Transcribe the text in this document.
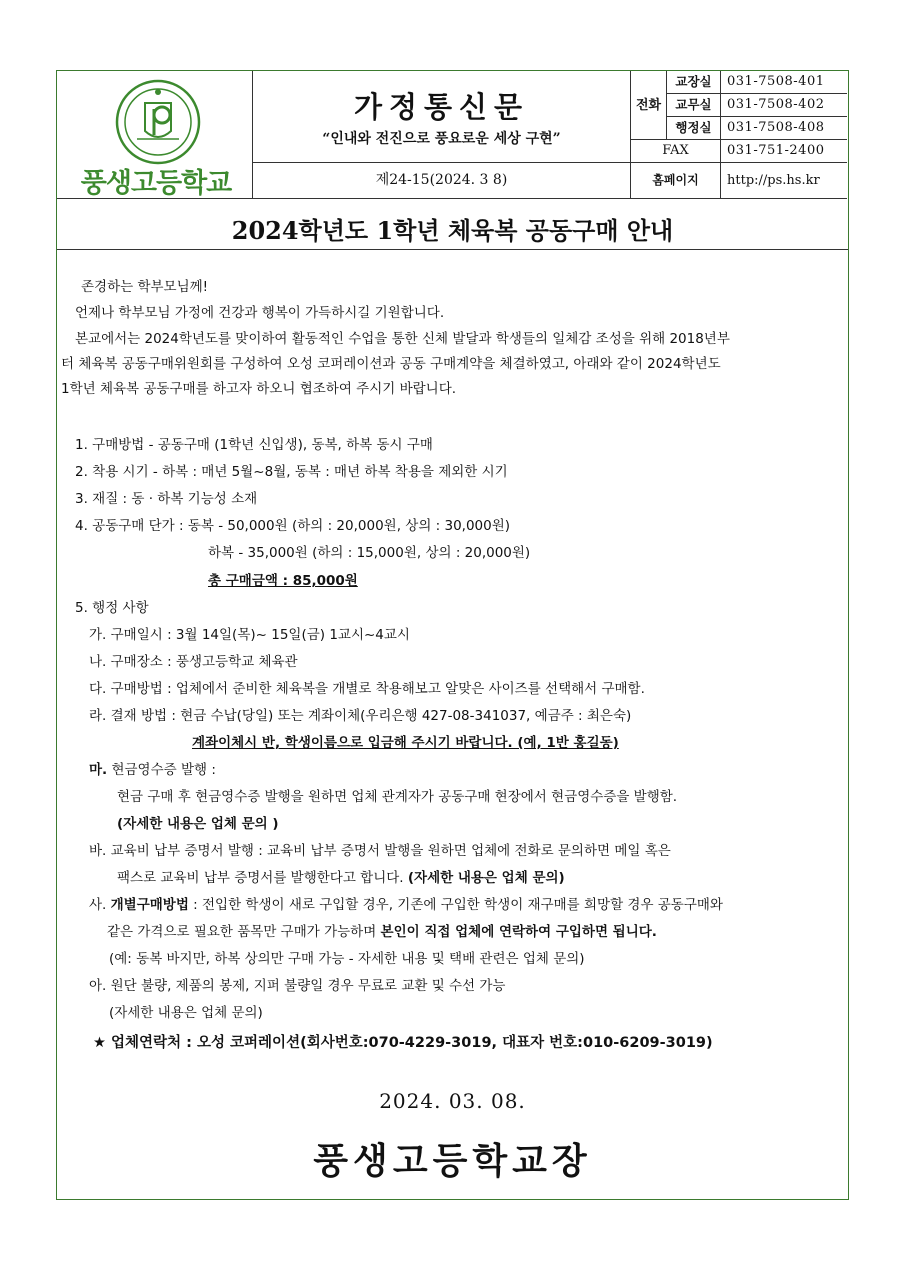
풍생고등학교
가정통신문
“인내와 전진으로 풍요로운 세상 구현”
제24-15(2024. 3 8)
전화
교장실	031-7508-401
교무실	031-7508-402
행정실	031-7508-408
FAX	031-751-2400
홈페이지	http://ps.hs.kr
2024학년도 1학년 체육복 공동구매 안내
존경하는 학부모님께!
언제나 학부모님 가정에 건강과 행복이 가득하시길 기원합니다.
본교에서는 2024학년도를 맞이하여 활동적인 수업을 통한 신체 발달과 학생들의 일체감 조성을 위해 2018년부
터 체육복 공동구매위원회를 구성하여 오성 코퍼레이션과 공동 구매계약을 체결하였고, 아래와 같이 2024학년도
1학년 체육복 공동구매를 하고자 하오니 협조하여 주시기 바랍니다.
1. 구매방법 - 공동구매 (1학년 신입생), 동복, 하복 동시 구매
2. 착용 시기 - 하복 : 매년 5월~8월, 동복 : 매년 하복 착용을 제외한 시기
3. 재질 : 동 · 하복 기능성 소재
4. 공동구매 단가 : 동복 - 50,000원 (하의 : 20,000원, 상의 : 30,000원)
하복 - 35,000원 (하의 : 15,000원, 상의 : 20,000원)
총 구매금액 : 85,000원
5. 행정 사항
가. 구매일시 : 3월 14일(목)~ 15일(금) 1교시~4교시
나. 구매장소 : 풍생고등학교 체육관
다. 구매방법 : 업체에서 준비한 체육복을 개별로 착용해보고 알맞은 사이즈를 선택해서 구매함.
라. 결재 방법 : 현금 수납(당일) 또는 계좌이체(우리은행 427-08-341037, 예금주 : 최은숙)
계좌이체시 반, 학생이름으로 입금해 주시기 바랍니다. (예, 1반 홍길동)
마. 현금영수증 발행 :
현금 구매 후 현금영수증 발행을 원하면 업체 관계자가 공동구매 현장에서 현금영수증을 발행함.
(자세한 내용은 업체 문의 )
바. 교육비 납부 증명서 발행 : 교육비 납부 증명서 발행을 원하면 업체에 전화로 문의하면 메일 혹은
팩스로 교육비 납부 증명서를 발행한다고 합니다. (자세한 내용은 업체 문의)
사. 개별구매방법 : 전입한 학생이 새로 구입할 경우, 기존에 구입한 학생이 재구매를 희망할 경우 공동구매와
같은 가격으로 필요한 품목만 구매가 가능하며 본인이 직접 업체에 연락하여 구입하면 됩니다.
(예: 동복 바지만, 하복 상의만 구매 가능 - 자세한 내용 및 택배 관련은 업체 문의)
아. 원단 불량, 제품의 봉제, 지퍼 불량일 경우 무료로 교환 및 수선 가능
(자세한 내용은 업체 문의)
★ 업체연락처 : 오성 코퍼레이션(회사번호:070-4229-3019, 대표자 번호:010-6209-3019)
2024. 03. 08.
풍생고등학교장
